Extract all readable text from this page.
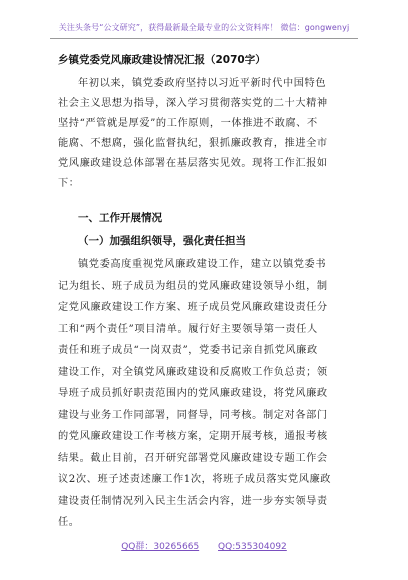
关注头条号“公文研究”，获得最新最全最专业的公文资料库！ 微信：gongwenyj
乡镇党委党风廉政建设情况汇报（2070字）
年初以来，镇党委政府坚持以习近平新时代中国特色
社会主义思想为指导，深入学习贯彻落实党的二十大精神
坚持“严管就是厚爱”的工作原则，一体推进不敢腐、不
能腐、不想腐，强化监督执纪，狠抓廉政教育，推进全市
党风廉政建设总体部署在基层落实见效。现将工作汇报如
下：
一、工作开展情况
（一）加强组织领导，强化责任担当
镇党委高度重视党风廉政建设工作，建立以镇党委书
记为组长、班子成员为组员的党风廉政建设领导小组，制
定党风廉政建设工作方案、班子成员党风廉政建设责任分
工和“两个责任”项目清单。履行好主要领导第一责任人
责任和班子成员“一岗双责”，党委书记亲自抓党风廉政
建设工作，对全镇党风廉政建设和反腐败工作负总责；领
导班子成员抓好职责范围内的党风廉政建设，将党风廉政
建设与业务工作同部署，同督导，同考核。制定对各部门
的党风廉政建设工作考核方案，定期开展考核，通报考核
结果。截止目前，召开研究部署党风廉政建设专题工作会
议2次、班子述责述廉工作1次，将班子成员落实党风廉政
建设责任制情况列入民主生活会内容，进一步夯实领导责
任。
QQ群：30265665 QQ:535304092
